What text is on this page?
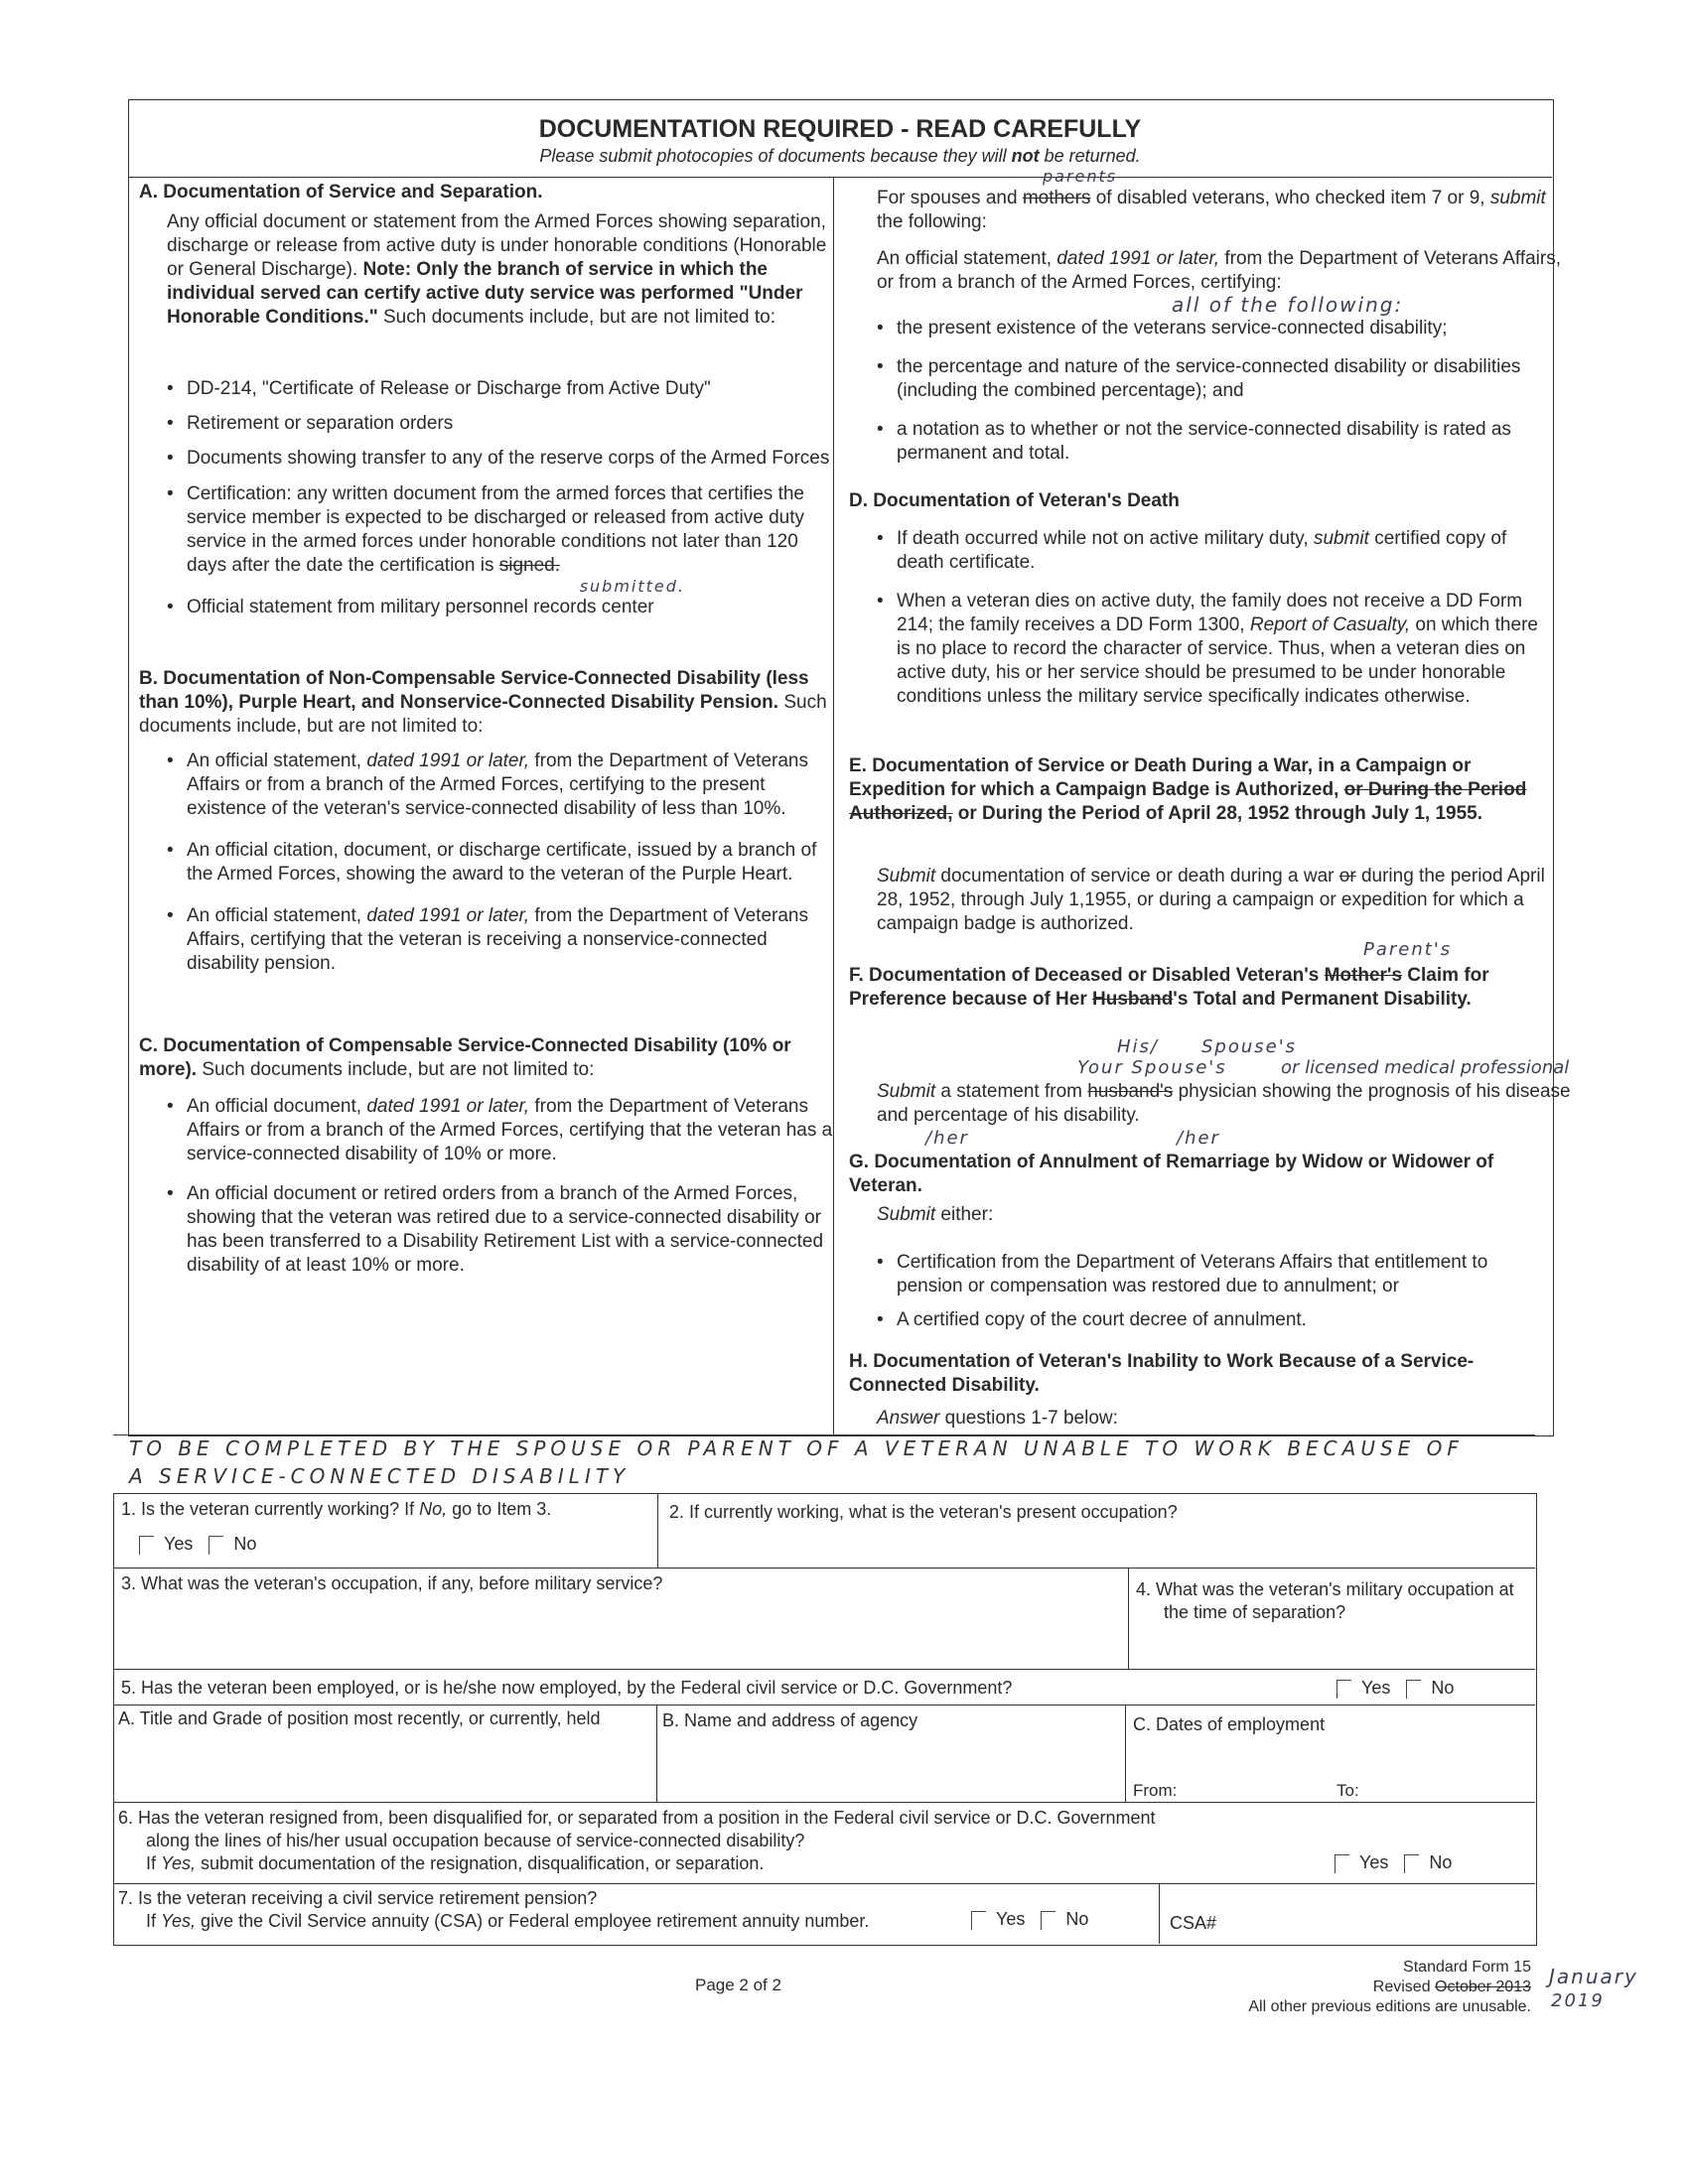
DOCUMENTATION REQUIRED - READ CAREFULLY
Please submit photocopies of documents because they will not be returned.
A. Documentation of Service and Separation.
Any official document or statement from the Armed Forces showing separation, discharge or release from active duty is under honorable conditions (Honorable or General Discharge). Note: Only the branch of service in which the individual served can certify active duty service was performed "Under Honorable Conditions." Such documents include, but are not limited to:

• DD-214, "Certificate of Release or Discharge from Active Duty"

• Retirement or separation orders

• Documents showing transfer to any of the reserve corps of the Armed Forces

• Certification: any written document from the armed forces that certifies the service member is expected to be discharged or released from active duty service in the armed forces under honorable conditions not later than 120 days after the date the certification is signed.

submitted.

• Official statement from military personnel records center

B. Documentation of Non-Compensable Service-Connected Disability (less than 10%), Purple Heart, and Nonservice-Connected Disability Pension. Such documents include, but are not limited to:

• An official statement, dated 1991 or later, from the Department of Veterans Affairs or from a branch of the Armed Forces, certifying to the present existence of the veteran's service-connected disability of less than 10%.

• An official citation, document, or discharge certificate, issued by a branch of the Armed Forces, showing the award to the veteran of the Purple Heart.

• An official statement, dated 1991 or later, from the Department of Veterans Affairs, certifying that the veteran is receiving a nonservice-connected disability pension.

C. Documentation of Compensable Service-Connected Disability (10% or more). Such documents include, but are not limited to:

• An official document, dated 1991 or later, from the Department of Veterans Affairs or from a branch of the Armed Forces, certifying that the veteran has a service-connected disability of 10% or more.

• An official document or retired orders from a branch of the Armed Forces, showing that the veteran was retired due to a service-connected disability or has been transferred to a Disability Retirement List with a service-connected disability of at least 10% or more.

parents
For spouses and mothers of disabled veterans, who checked item 7 or 9, submit the following:
An official statement, dated 1991 or later, from the Department of Veterans Affairs, or from a branch of the Armed Forces, certifying:
all of the following:

• the present existence of the veterans service-connected disability;

• the percentage and nature of the service-connected disability or disabilities (including the combined percentage); and

• a notation as to whether or not the service-connected disability is rated as permanent and total.

D. Documentation of Veteran's Death

• If death occurred while not on active military duty, submit certified copy of death certificate.

• When a veteran dies on active duty, the family does not receive a DD Form 214; the family receives a DD Form 1300, Report of Casualty, on which there is no place to record the character of service. Thus, when a veteran dies on active duty, his or her service should be presumed to be under honorable conditions unless the military service specifically indicates otherwise.

E. Documentation of Service or Death During a War, in a Campaign or Expedition for which a Campaign Badge is Authorized, or During the Period Authorized, or During the Period of April 28, 1952 through July 1, 1955.
Submit documentation of service or death during a war or during the period April 28, 1952, through July 1,1955, or during a campaign or expedition for which a campaign badge is authorized.
Parent's
F. Documentation of Deceased or Disabled Veteran's Mother's Claim for Preference because of Her Husband's Total and Permanent Disability.
His/ Spouse's
Your Spouse's	or licensed medical professional
Submit a statement from husband's physician showing the prognosis of his disease and percentage of his disability.
/her	/her
G. Documentation of Annulment of Remarriage by Widow or Widower of Veteran.
Submit either:

• Certification from the Department of Veterans Affairs that entitlement to pension or compensation was restored due to annulment; or

• A certified copy of the court decree of annulment.

H. Documentation of Veteran's Inability to Work Because of a Service-Connected Disability.
Answer questions 1-7 below:
TO BE COMPLETED BY THE SPOUSE OR PARENT OF A VETERAN UNABLE TO WORK BECAUSE OF
A SERVICE-CONNECTED DISABILITY
1. Is the veteran currently working? If No, go to Item 3.
Yes No
2. If currently working, what is the veteran's present occupation?
3. What was the veteran's occupation, if any, before military service?	4. What was the veteran's military occupation at the time of separation?
5. Has the veteran been employed, or is he/she now employed, by the Federal civil service or D.C. Government?	Yes No
A. Title and Grade of position most recently, or currently, held	B. Name and address of agency	C. Dates of employment
From:	To:
6. Has the veteran resigned from, been disqualified for, or separated from a position in the Federal civil service or D.C. Government
along the lines of his/her usual occupation because of service-connected disability?
If Yes, submit documentation of the resignation, disqualification, or separation.	Yes No
7. Is the veteran receiving a civil service retirement pension?
If Yes, give the Civil Service annuity (CSA) or Federal employee retirement annuity number.	Yes No	CSA#
Page 2 of 2
Standard Form 15
Revised October 2013
All other previous editions are unusable.
January
2019
